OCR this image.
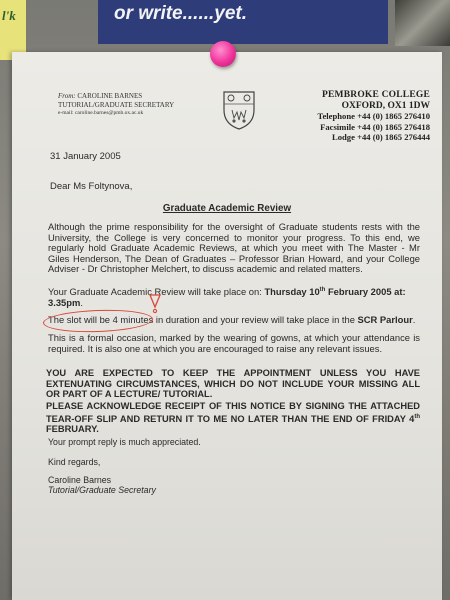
l'k	or write......yet.
From: CAROLINE BARNES
TUTORIAL/GRADUATE SECRETARY
e-mail: caroline.barnes@pmb.ox.ac.uk
PEMBROKE COLLEGE
OXFORD, OX1 1DW
Telephone +44 (0) 1865 276410
Facsimile +44 (0) 1865 276418
Lodge +44 (0) 1865 276444
31 January 2005
Dear Ms Foltynova,
Graduate Academic Review
Although the prime responsibility for the oversight of Graduate students rests with the University, the College is very concerned to monitor your progress. To this end, we regularly hold Graduate Academic Reviews, at which you meet with The Master - Mr Giles Henderson, The Dean of Graduates – Professor Brian Howard, and your College Adviser - Dr Christopher Melchert, to discuss academic and related matters.
Your Graduate Academic Review will take place on: Thursday 10th February 2005 at: 3.35pm.
The slot will be 4 minutes in duration and your review will take place in the SCR Parlour.
This is a formal occasion, marked by the wearing of gowns, at which your attendance is required. It is also one at which you are encouraged to raise any relevant issues.
YOU ARE EXPECTED TO KEEP THE APPOINTMENT UNLESS YOU HAVE EXTENUATING CIRCUMSTANCES, WHICH DO NOT INCLUDE YOUR MISSING ALL OR PART OF A LECTURE/ TUTORIAL.
PLEASE ACKNOWLEDGE RECEIPT OF THIS NOTICE BY SIGNING THE ATTACHED TEAR-OFF SLIP AND RETURN IT TO ME NO LATER THAN THE END OF FRIDAY 4th FEBRUARY.
Your prompt reply is much appreciated.
Kind regards,
Caroline Barnes
Tutorial/Graduate Secretary
